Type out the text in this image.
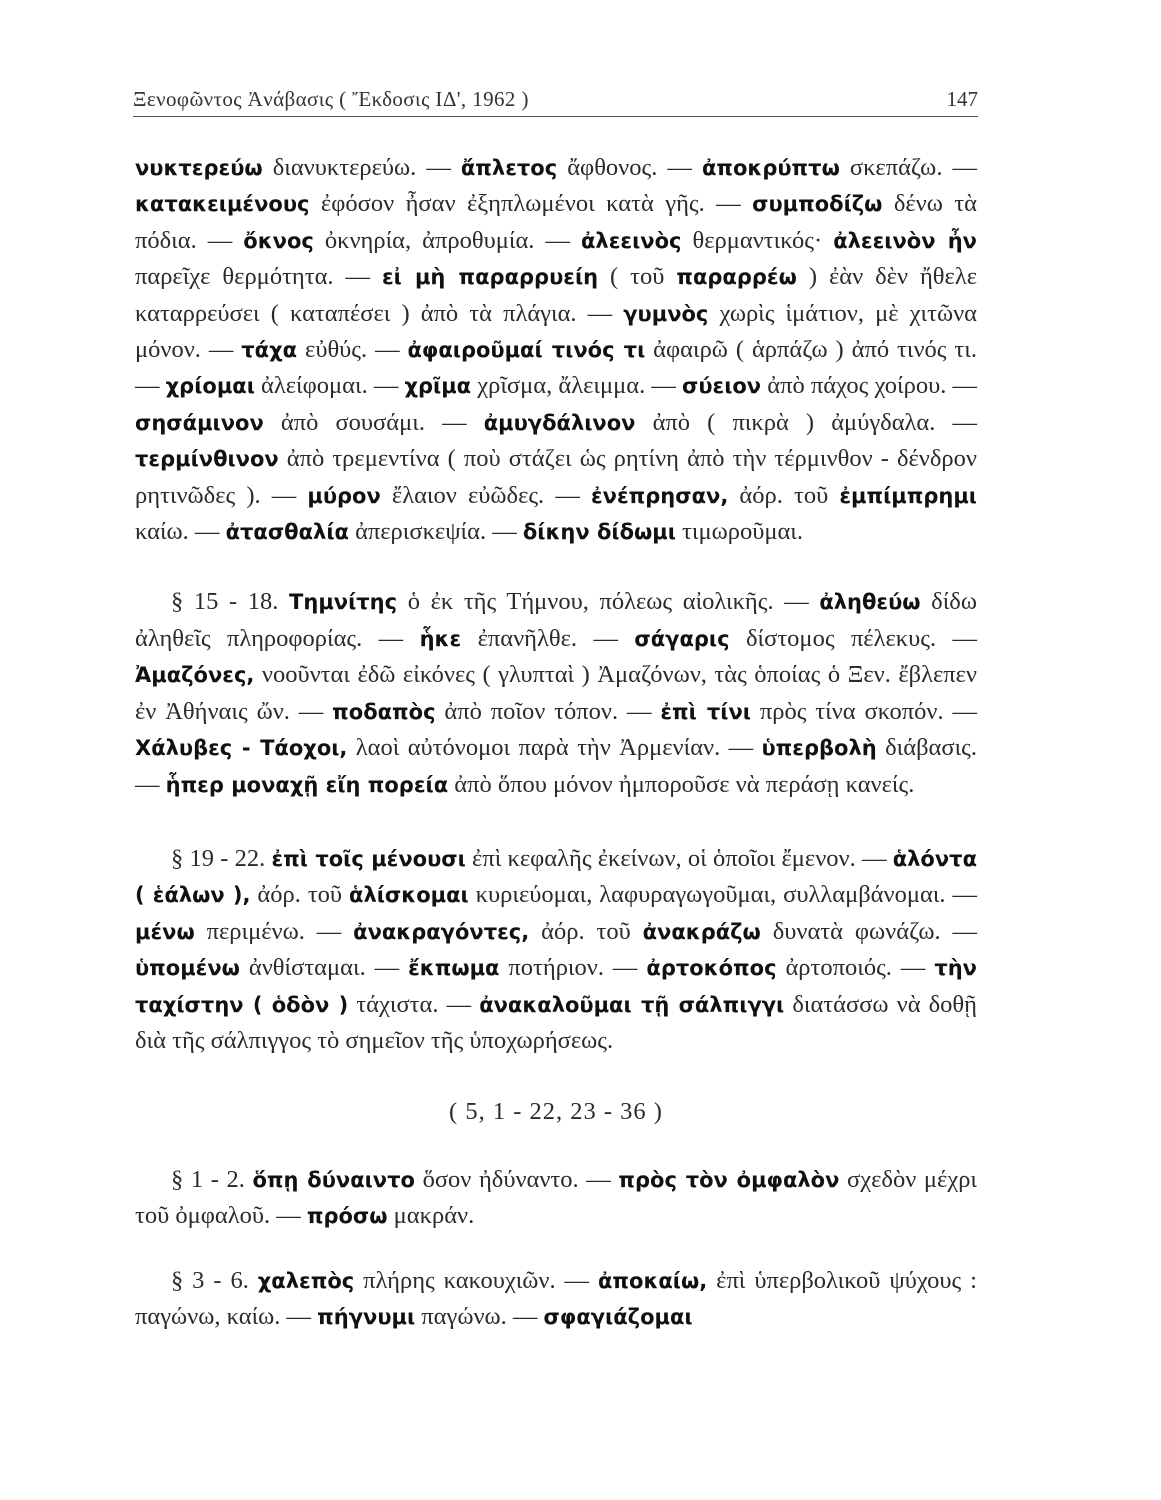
Ξενοφῶντος Ἀνάβασις ( Ἔκδοσις ΙΔ', 1962 )	147

νυκτερεύω διανυκτερεύω. — ἄπλετος ἄφθονος. — ἀποκρύπτω σκεπάζω. — κατακειμένους ἐφόσον ἦσαν ἐξηπλωμένοι κατὰ γῆς. — συμποδίζω δένω τὰ πόδια. — ὄκνος ὀκνηρία, ἀπροθυμία. — ἀλεεινὸς θερμαντικός· ἀλεεινὸν ἦν παρεῖχε θερμότητα. — εἰ μὴ παραρρυείη ( τοῦ παραρρέω ) ἐὰν δὲν ἤθελε καταρρεύσει ( καταπέσει ) ἀπὸ τὰ πλάγια. — γυμνὸς χωρὶς ἱμάτιον, μὲ χιτῶνα μόνον. — τάχα εὐθύς. — ἀφαιροῦμαί τινός τι ἀφαιρῶ ( ἁρπάζω ) ἀπό τινός τι. — χρίομαι ἀλείφομαι. — χρῖμα χρῖσμα, ἄλειμμα. — σύειον ἀπὸ πάχος χοίρου. — σησάμινον ἀπὸ σουσάμι. — ἀμυγδάλινον ἀπὸ ( πικρὰ ) ἀμύγδαλα. — τερμίνθινον ἀπὸ τρεμεντίνα ( ποὺ στάζει ὡς ρητίνη ἀπὸ τὴν τέρμινθον - δένδρον ρητινῶδες ). — μύρον ἔλαιον εὐῶδες. — ἐνέπρησαν, ἀόρ. τοῦ ἐμπίμπρημι καίω. — ἀτασθαλία ἀπερισκεψία. — δίκην δίδωμι τιμωροῦμαι.

§ 15 - 18. Τημνίτης ὁ ἐκ τῆς Τήμνου, πόλεως αἰολικῆς. — ἀληθεύω δίδω ἀληθεῖς πληροφορίας. — ἧκε ἐπανῆλθε. — σάγαρις δίστομος πέλεκυς. — Ἀμαζόνες, νοοῦνται ἐδῶ εἰκόνες ( γλυπταὶ ) Ἀμαζόνων, τὰς ὁποίας ὁ Ξεν. ἔβλεπεν ἐν Ἀθήναις ὤν. — ποδαπὸς ἀπὸ ποῖον τόπον. — ἐπὶ τίνι πρὸς τίνα σκοπόν. — Χάλυβες - Τάοχοι, λαοὶ αὐτόνομοι παρὰ τὴν Ἀρμενίαν. — ὑπερβολὴ διάβασις. — ἧπερ μοναχῇ εἴη πορεία ἀπὸ ὅπου μόνον ἠμποροῦσε νὰ περάσῃ κανείς.

§ 19 - 22. ἐπὶ τοῖς μένουσι ἐπὶ κεφαλῆς ἐκείνων, οἱ ὁποῖοι ἔμενον. — ἁλόντα ( ἑάλων ), ἀόρ. τοῦ ἁλίσκομαι κυριεύομαι, λαφυραγωγοῦμαι, συλλαμβάνομαι. — μένω περιμένω. — ἀνακραγόντες, ἀόρ. τοῦ ἀνακράζω δυνατὰ φωνάζω. — ὑπομένω ἀνθίσταμαι. — ἔκπωμα ποτήριον. — ἀρτοκόπος ἀρτοποιός. — τὴν ταχίστην ( ὁδὸν ) τάχιστα. — ἀνακαλοῦμαι τῇ σάλπιγγι διατάσσω νὰ δοθῇ διὰ τῆς σάλπιγγος τὸ σημεῖον τῆς ὑποχωρήσεως.

( 5, 1 - 22, 23 - 36 )

§ 1 - 2. ὅπῃ δύναιντο ὅσον ἠδύναντο. — πρὸς τὸν ὀμφαλὸν σχεδὸν μέχρι τοῦ ὀμφαλοῦ. — πρόσω μακράν.

§ 3 - 6. χαλεπὸς πλήρης κακουχιῶν. — ἀποκαίω, ἐπὶ ὑπερβολικοῦ ψύχους : παγώνω, καίω. — πήγνυμι παγώνω. — σφαγιάζομαι
